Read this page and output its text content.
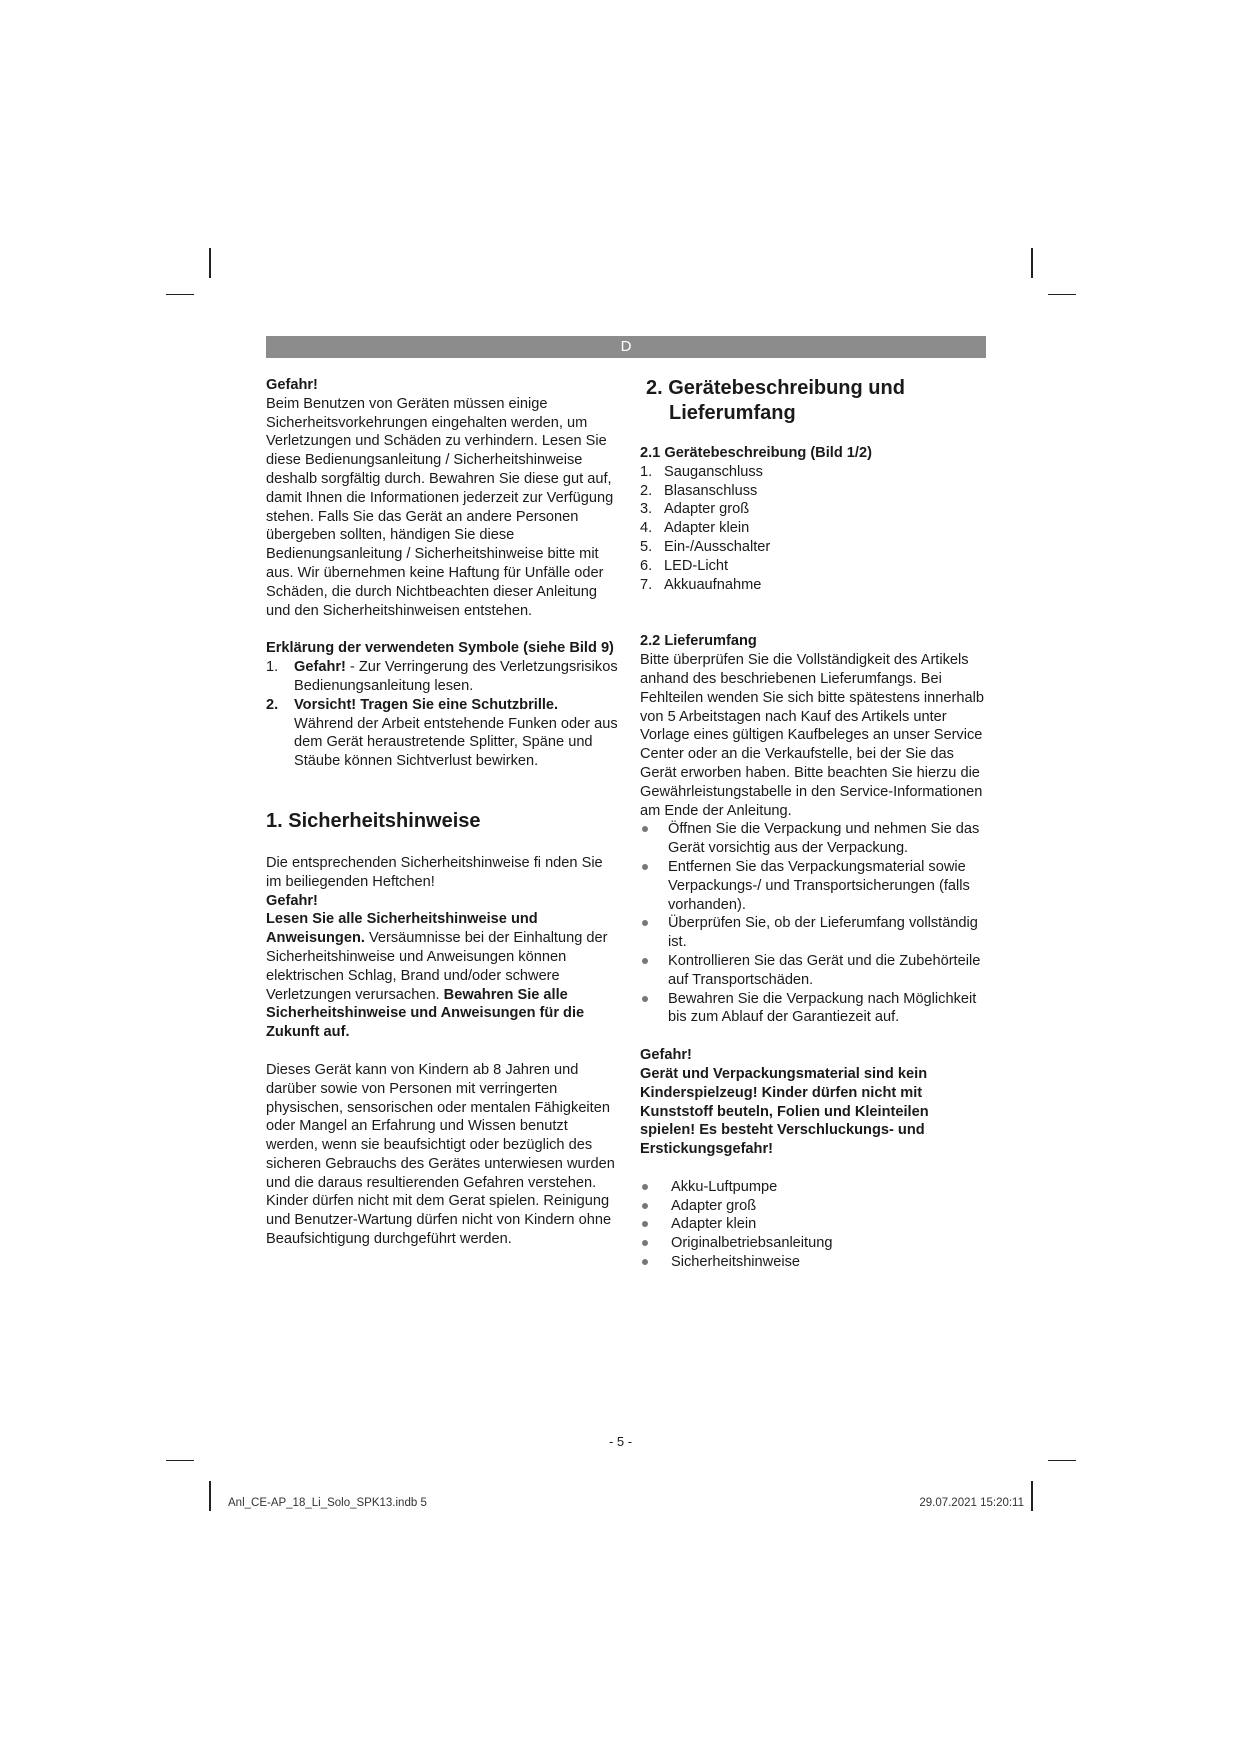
D

Gefahr!

Beim Benutzen von Geräten müssen einige Sicherheitsvorkehrungen eingehalten werden, um Verletzungen und Schäden zu verhindern. Lesen Sie diese Bedienungsanleitung / Sicherheitshinweise deshalb sorgfältig durch. Bewahren Sie diese gut auf, damit Ihnen die Informationen jederzeit zur Verfügung stehen. Falls Sie das Gerät an andere Personen übergeben sollten, händigen Sie diese Bedienungsanleitung / Sicherheitshinweise bitte mit aus. Wir übernehmen keine Haftung für Unfälle oder Schäden, die durch Nichtbeachten dieser Anleitung und den Sicherheitshinweisen entstehen.

Erklärung der verwendeten Symbole (siehe Bild 9)
1. Gefahr! - Zur Verringerung des Verletzungsrisikos Bedienungsanleitung lesen.
2. Vorsicht! Tragen Sie eine Schutzbrille. Während der Arbeit entstehende Funken oder aus dem Gerät heraustretende Splitter, Späne und Stäube können Sichtverlust bewirken.
1. Sicherheitshinweise

Die entsprechenden Sicherheitshinweise fi nden Sie im beiliegenden Heftchen!

Gefahr!

Lesen Sie alle Sicherheitshinweise und Anweisungen. Versäumnisse bei der Einhaltung der Sicherheitshinweise und Anweisungen können elektrischen Schlag, Brand und/oder schwere Verletzungen verursachen. Bewahren Sie alle Sicherheitshinweise und Anweisungen für die Zukunft auf.

Dieses Gerät kann von Kindern ab 8 Jahren und darüber sowie von Personen mit verringerten physischen, sensorischen oder mentalen Fähigkeiten oder Mangel an Erfahrung und Wissen benutzt werden, wenn sie beaufsichtigt oder bezüglich des sicheren Gebrauchs des Gerätes unterwiesen wurden und die daraus resultierenden Gefahren verstehen. Kinder dürfen nicht mit dem Gerat spielen. Reinigung und Benutzer-Wartung dürfen nicht von Kindern ohne Beaufsichtigung durchgeführt werden.

2. Gerätebeschreibung und Lieferumfang
2.1 Gerätebeschreibung (Bild 1/2)
1. Sauganschluss
2. Blasanschluss
3. Adapter groß
4. Adapter klein
5. Ein-/Ausschalter
6. LED-Licht
7. Akkuaufnahme
2.2 Lieferumfang

Bitte überprüfen Sie die Vollständigkeit des Artikels anhand des beschriebenen Lieferumfangs. Bei Fehlteilen wenden Sie sich bitte spätestens innerhalb von 5 Arbeitstagen nach Kauf des Artikels unter Vorlage eines gültigen Kaufbeleges an unser Service Center oder an die Verkaufstelle, bei der Sie das Gerät erworben haben. Bitte beachten Sie hierzu die Gewährleistungstabelle in den Service-Informationen am Ende der Anleitung.

Öffnen Sie die Verpackung und nehmen Sie das Gerät vorsichtig aus der Verpackung.
Entfernen Sie das Verpackungsmaterial sowie Verpackungs-/ und Transportsicherungen (falls vorhanden).
Überprüfen Sie, ob der Lieferumfang vollständig ist.
Kontrollieren Sie das Gerät und die Zubehörteile auf Transportschäden.
Bewahren Sie die Verpackung nach Möglichkeit bis zum Ablauf der Garantiezeit auf.

Gefahr!

Gerät und Verpackungsmaterial sind kein Kinderspielzeug! Kinder dürfen nicht mit Kunststoff beuteln, Folien und Kleinteilen spielen! Es besteht Verschluckungs- und Erstickungsgefahr!

Akku-Luftpumpe
Adapter groß
Adapter klein
Originalbetriebsanleitung
Sicherheitshinweise
- 5 -
Anl_CE-AP_18_Li_Solo_SPK13.indb 5	29.07.2021 15:20:11
